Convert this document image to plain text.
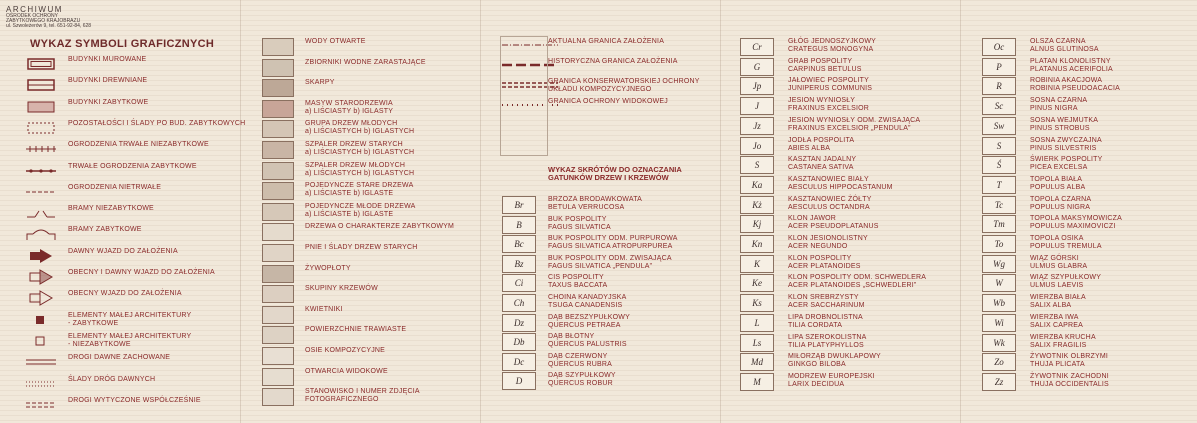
ARCHIWUM
OŚRODEK OCHRONY
ZABYTKOWEGO KRAJOBRAZU
ul. Szwoleżerów 9, tel. 651-92-84, 628
WYKAZ SYMBOLI GRAFICZNYCH
BUDYNKI MUROWANE
BUDYNKI DREWNIANE
BUDYNKI ZABYTKOWE
POZOSTAŁOŚCI I ŚLADY PO BUD. ZABYTKOWYCH
OGRODZENIA TRWAŁE NIEZABYTKOWE
TRWAŁE OGRODZENIA ZABYTKOWE
OGRODZENIA NIETRWAŁE
BRAMY NIEZABYTKOWE
BRAMY ZABYTKOWE
DAWNY WJAZD DO ZAŁOŻENIA
OBECNY I DAWNY WJAZD DO ZAŁOŻENIA
OBECNY WJAZD DO ZAŁOŻENIA
ELEMENTY MAŁEJ ARCHITEKTURY
- ZABYTKOWE
ELEMENTY MAŁEJ ARCHITEKTURY
- NIEZABYTKOWE
DROGI DAWNE ZACHOWANE
ŚLADY DRÓG DAWNYCH
DROGI WYTYCZONE WSPÓŁCZEŚNIE
WODY OTWARTE
ZBIORNIKI WODNE ZARASTAJĄCE
SKARPY
MASYW STARODRZEWIA
a) LIŚCIASTY b) IGLASTY
GRUPA DRZEW MŁODYCH
a) LIŚCIASTYCH b) IGLASTYCH
SZPALER DRZEW STARYCH
a) LIŚCIASTYCH b) IGLASTYCH
SZPALER DRZEW MŁODYCH
a) LIŚCIASTYCH b) IGLASTYCH
POJEDYNCZE STARE DRZEWA
a) LIŚCIASTE b) IGLASTE
POJEDYNCZE MŁODE DRZEWA
a) LIŚCIASTE b) IGLASTE
DRZEWA O CHARAKTERZE ZABYTKOWYM
PNIE I ŚLADY DRZEW STARYCH
ŻYWOPŁOTY
SKUPINY KRZEWÓW
KWIETNIKI
POWIERZCHNIE TRAWIASTE
OSIE KOMPOZYCYJNE
OTWARCIA WIDOKOWE
STANOWISKO I NUMER ZDJĘCIA
FOTOGRAFICZNEGO
AKTUALNA GRANICA ZAŁOŻENIA
HISTORYCZNA GRANICA ZAŁOŻENIA
GRANICA KONSERWATORSKIEJ OCHRONY
UKŁADU KOMPOZYCYJNEGO
GRANICA OCHRONY WIDOKOWEJ
WYKAZ SKRÓTÓW DO OZNACZANIA
GATUNKÓW DRZEW I KRZEWÓW
Br
BRZOZA BRODAWKOWATA
BETULA VERRUCOSA
B
BUK POSPOLITY
FAGUS SILVATICA
Bc
BUK POSPOLITY ODM. PURPUROWA
FAGUS SILVATICA ATROPURPUREA
Bz
BUK POSPOLITY ODM. ZWISAJĄCA
FAGUS SILVATICA „PENDULA”
Ci
CIS POSPOLITY
TAXUS BACCATA
Ch
CHOINA KANADYJSKA
TSUGA CANADENSIS
Dz
DĄB BEZSZYPUŁKOWY
QUERCUS PETRAEA
Db
DĄB BŁOTNY
QUERCUS PALUSTRIS
Dc
DĄB CZERWONY
QUERCUS RUBRA
D
DĄB SZYPUŁKOWY
QUERCUS ROBUR
Cr
GŁÓG JEDNOSZYJKOWY
CRATEGUS MONOGYNA
G
GRAB POSPOLITY
CARPINUS BETULUS
Jp
JAŁOWIEC POSPOLITY
JUNIPERUS COMMUNIS
J
JESION WYNIOSŁY
FRAXINUS EXCELSIOR
Jz
JESION WYNIOSŁY ODM. ZWISAJĄCA
FRAXINUS EXCELSIOR „PENDULA”
Jo
JODŁA POSPOLITA
ABIES ALBA
S
KASZTAN JADALNY
CASTANEA SATIVA
Ka
KASZTANOWIEC BIAŁY
AESCULUS HIPPOCASTANUM
Kż
KASZTANOWIEC ŻÓŁTY
AESCULUS OCTANDRA
Kj
KLON JAWOR
ACER PSEUDOPLATANUS
Kn
KLON JESIONOLISTNY
ACER NEGUNDO
K
KLON POSPOLITY
ACER PLATANOIDES
Ke
KLON POSPOLITY ODM. SCHWEDLERA
ACER PLATANOIDES „SCHWEDLERI”
Ks
KLON SREBRZYSTY
ACER SACCHARINUM
L
LIPA DROBNOLISTNA
TILIA CORDATA
Ls
LIPA SZEROKOLISTNA
TILIA PLATYPHYLLOS
Md
MIŁORZĄB DWUKLAPOWY
GINKGO BILOBA
M
MODRZEW EUROPEJSKI
LARIX DECIDUA
Oc
OLSZA CZARNA
ALNUS GLUTINOSA
P
PLATAN KLONOLISTNY
PLATANUS ACERIFOLIA
R
ROBINIA AKACJOWA
ROBINIA PSEUDOACACIA
Sc
SOSNA CZARNA
PINUS NIGRA
Sw
SOSNA WEJMUTKA
PINUS STROBUS
S
SOSNA ZWYCZAJNA
PINUS SILVESTRIS
Ś
ŚWIERK POSPOLITY
PICEA EXCELSA
T
TOPOLA BIAŁA
POPULUS ALBA
Tc
TOPOLA CZARNA
POPULUS NIGRA
Tm
TOPOLA MAKSYMOWICZA
POPULUS MAXIMOVICZI
To
TOPOLA OSIKA
POPULUS TREMULA
Wg
WIĄZ GÓRSKI
ULMUS GLABRA
W
WIĄZ SZYPUŁKOWY
ULMUS LAEVIS
Wb
WIERZBA BIAŁA
SALIX ALBA
Wi
WIERZBA IWA
SALIX CAPREA
Wk
WIERZBA KRUCHA
SALIX FRAGILIS
Zo
ŻYWOTNIK OLBRZYMI
THUJA PLICATA
Zz
ŻYWOTNIK ZACHODNI
THUJA OCCIDENTALIS
